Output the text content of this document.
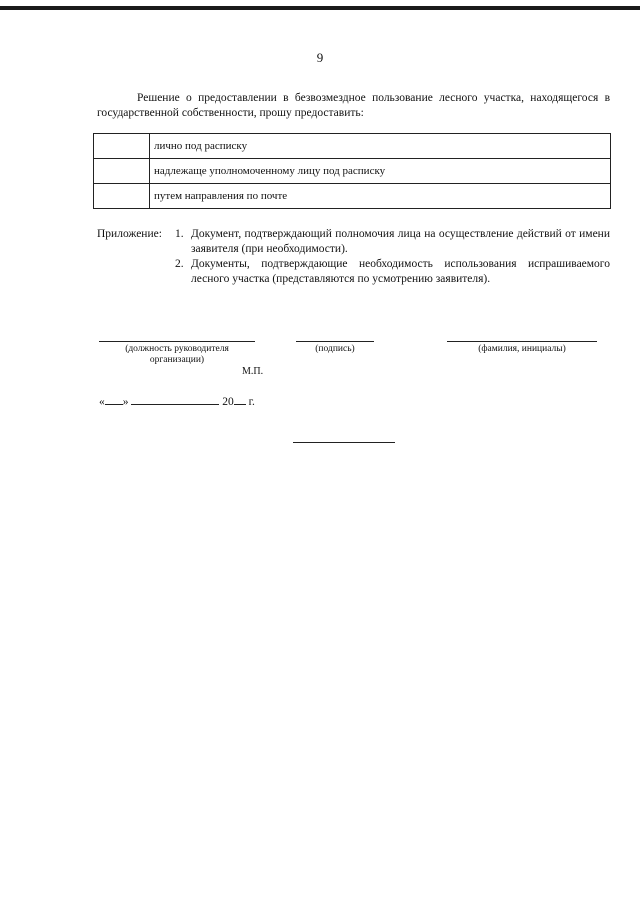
9

Решение о предоставлении в безвозмездное пользование лесного участка, находящегося в государственной собственности, прошу предоставить:

	лично под расписку
	надлежаще уполномоченному лицу под расписку
	путем направления по почте
Приложение:	1. Документ, подтверждающий полномочия лица на осуществление действий от имени заявителя (при необходимости).
2. Документы, подтверждающие необходимость использования испрашиваемого лесного участка (представляются по усмотрению заявителя).
(должность руководителя
организации)
(подпись)	(фамилия, инициалы)
М.П.
« »	20 г.
